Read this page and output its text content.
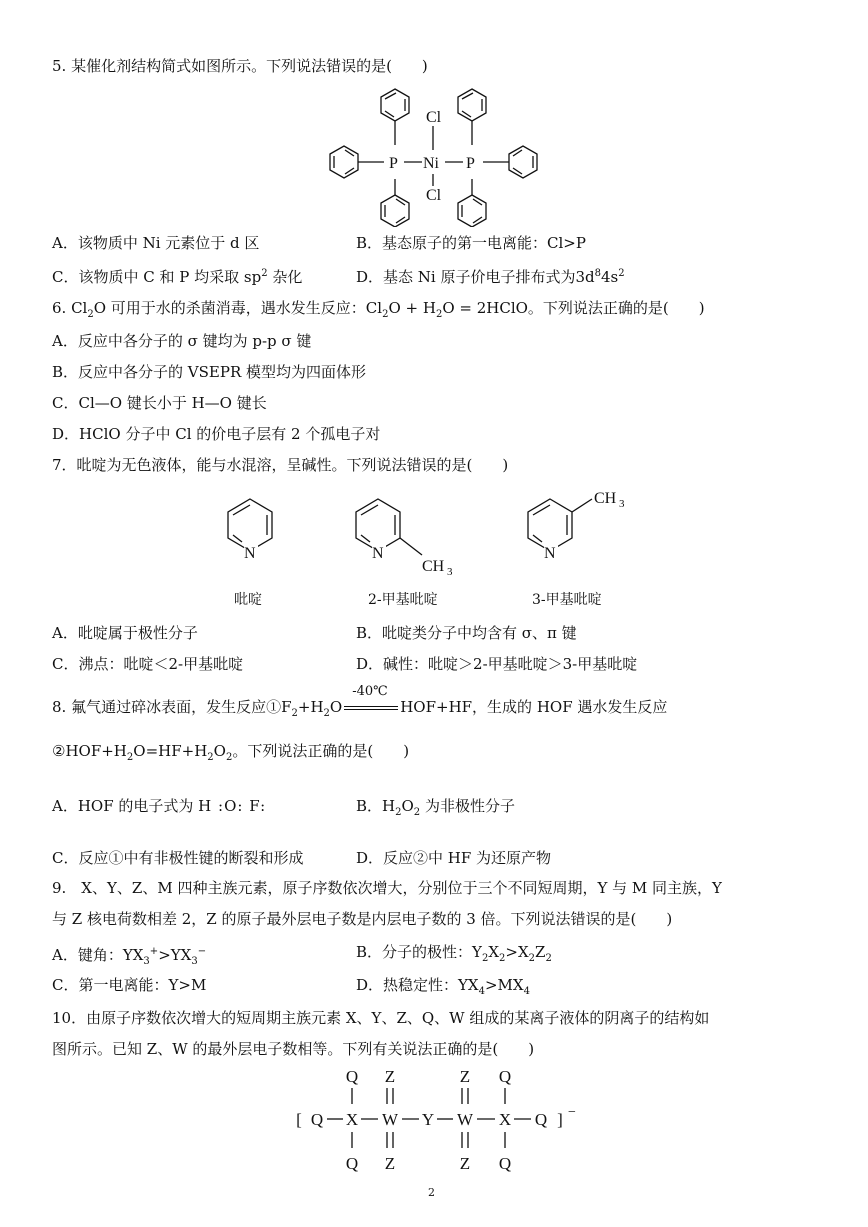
5. 某催化剂结构简式如图所示。下列说法错误的是(　　)
P Ni P
Cl
Cl
A．该物质中 Ni 元素位于 d 区	B．基态原子的第一电离能：Cl>P
C．该物质中 C 和 P 均采取 $sp^2$ 杂化	D．基态 Ni 原子价电子排布式为$3d^84s^2$
6. $Cl_2O$ 可用于水的杀菌消毒，遇水发生反应：$Cl_2O + H_2O$ = 2HClO。下列说法正确的是(　　)
A．反应中各分子的 σ 键均为 p-p σ 键
B．反应中各分子的 VSEPR 模型均为四面体形
C．Cl—O 键长小于 H—O 键长
D．HClO 分子中 Cl 的价电子层有 2 个孤电子对
7．吡啶为无色液体，能与水混溶，呈碱性。下列说法错误的是(　　)
N	N	N
CH 3
CH 3
吡啶	2-甲基吡啶	3-甲基吡啶
A．吡啶属于极性分子	B．吡啶类分子中均含有 σ、π 键
C．沸点：吡啶＜2-甲基吡啶	D．碱性：吡啶＞2-甲基吡啶＞3-甲基吡啶
8. 氟气通过碎冰表面，发生反应$①F_2+H_2O$
-40℃
HOF+HF，生成的 HOF 遇水发生反应
$②HOF+H_2O=HF+H_2O_2$。下列说法正确的是(　　)
A．HOF 的电子式为 H :O: F:	B．$H_2O_2$ 为非极性分子
C．反应①中有非极性键的断裂和形成	D．反应②中 HF 为还原产物
9.　X、Y、Z、M 四种主族元素，原子序数依次增大，分别位于三个不同短周期，Y 与 M 同主族，Y
与 Z 核电荷数相差 2，Z 的原子最外层电子数是内层电子数的 3 倍。下列说法错误的是(　　)
A．键角：$YX_3^+>YX_3^-$	B．分子的极性：$Y_2X_2>X_2Z_2$
C．第一电离能：Y>M	D．热稳定性：$YX_4>MX_4$
10．由原子序数依次增大的短周期主族元素 X、Y、Z、Q、W 组成的某离子液体的阴离子的结构如
图所示。已知 Z、W 的最外层电子数相等。下列有关说法正确的是(　　)
Q Z	Z Q
[ Q X W Y W X Q ] −
Q Z	Z Q
2
